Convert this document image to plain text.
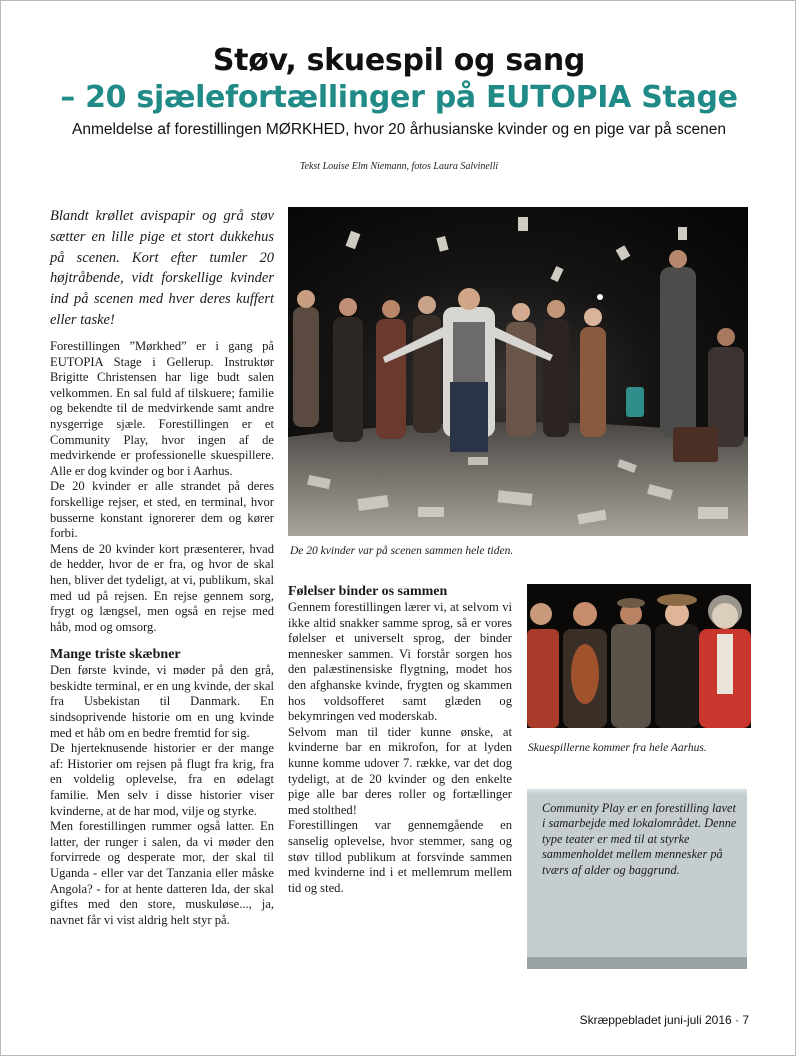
Støv, skuespil og sang
– 20 sjælefortællinger på EUTOPIA Stage
Anmeldelse af forestillingen MØRKHED, hvor 20 århusianske kvinder og en pige var på scenen
Tekst Louise Elm Niemann, fotos Laura Salvinelli
Blandt krøllet avispapir og grå støv sætter en lille pige et stort dukkehus på scenen. Kort efter tumler 20 højtråbende, vidt forskellige kvinder ind på scenen med hver deres kuffert eller taske!

Forestillingen ”Mørkhed” er i gang på EUTOPIA Stage i Gellerup. Instruktør Brigitte Christensen har lige budt salen velkommen. En sal fuld af tilskuere; familie og bekendte til de medvirkende samt andre nysgerrige sjæle. Forestillingen er et Community Play, hvor ingen af de medvirkende er professionelle skuespillere. Alle er dog kvinder og bor i Aarhus.

De 20 kvinder er alle strandet på deres forskellige rejser, et sted, en terminal, hvor busserne konstant ignorerer dem og kører forbi.

Mens de 20 kvinder kort præsenterer, hvad de hedder, hvor de er fra, og hvor de skal hen, bliver det tydeligt, at vi, publikum, skal med ud på rejsen. En rejse gennem sorg, frygt og længsel, men også en rejse med håb, mod og omsorg.

Mange triste skæbner

Den første kvinde, vi møder på den grå, beskidte terminal, er en ung kvinde, der skal fra Usbekistan til Danmark. En sindsoprivende historie om en ung kvinde med et håb om en bedre fremtid for sig.

De hjerteknusende historier er der mange af: Historier om rejsen på flugt fra krig, fra en voldelig oplevelse, fra en ødelagt familie. Men selv i disse historier viser kvinderne, at de har mod, vilje og styrke.

Men forestillingen rummer også latter. En latter, der runger i salen, da vi møder den forvirrede og desperate mor, der skal til Uganda - eller var det Tanzania eller måske Angola? - for at hente datteren Ida, der skal giftes med den store, muskuløse..., ja, navnet får vi vist aldrig helt styr på.

De 20 kvinder var på scenen sammen hele tiden.
Skuespillerne kommer fra hele Aarhus.
Følelser binder os sammen

Gennem forestillingen lærer vi, at selvom vi ikke altid snakker samme sprog, så er vores følelser et universelt sprog, der binder mennesker sammen. Vi forstår sorgen hos den palæstinensiske flygtning, modet hos den afghanske kvinde, frygten og skammen hos voldsofferet samt glæden og bekymringen ved moderskab.

Selvom man til tider kunne ønske, at kvinderne bar en mikrofon, for at lyden kunne komme udover 7. række, var det dog tydeligt, at de 20 kvinder og den enkelte pige alle bar deres roller og fortællinger med stolthed!

Forestillingen var gennemgående en sanselig oplevelse, hvor stemmer, sang og støv tillod publikum at forsvinde sammen med kvinderne ind i et mellemrum mellem tid og sted.

Community Play er en forestilling lavet i samarbejde med lokalområdet. Denne type teater er med til at styrke sammenholdet mellem mennesker på tværs af alder og baggrund.
Skræppebladet juni-juli 2016 · 7
